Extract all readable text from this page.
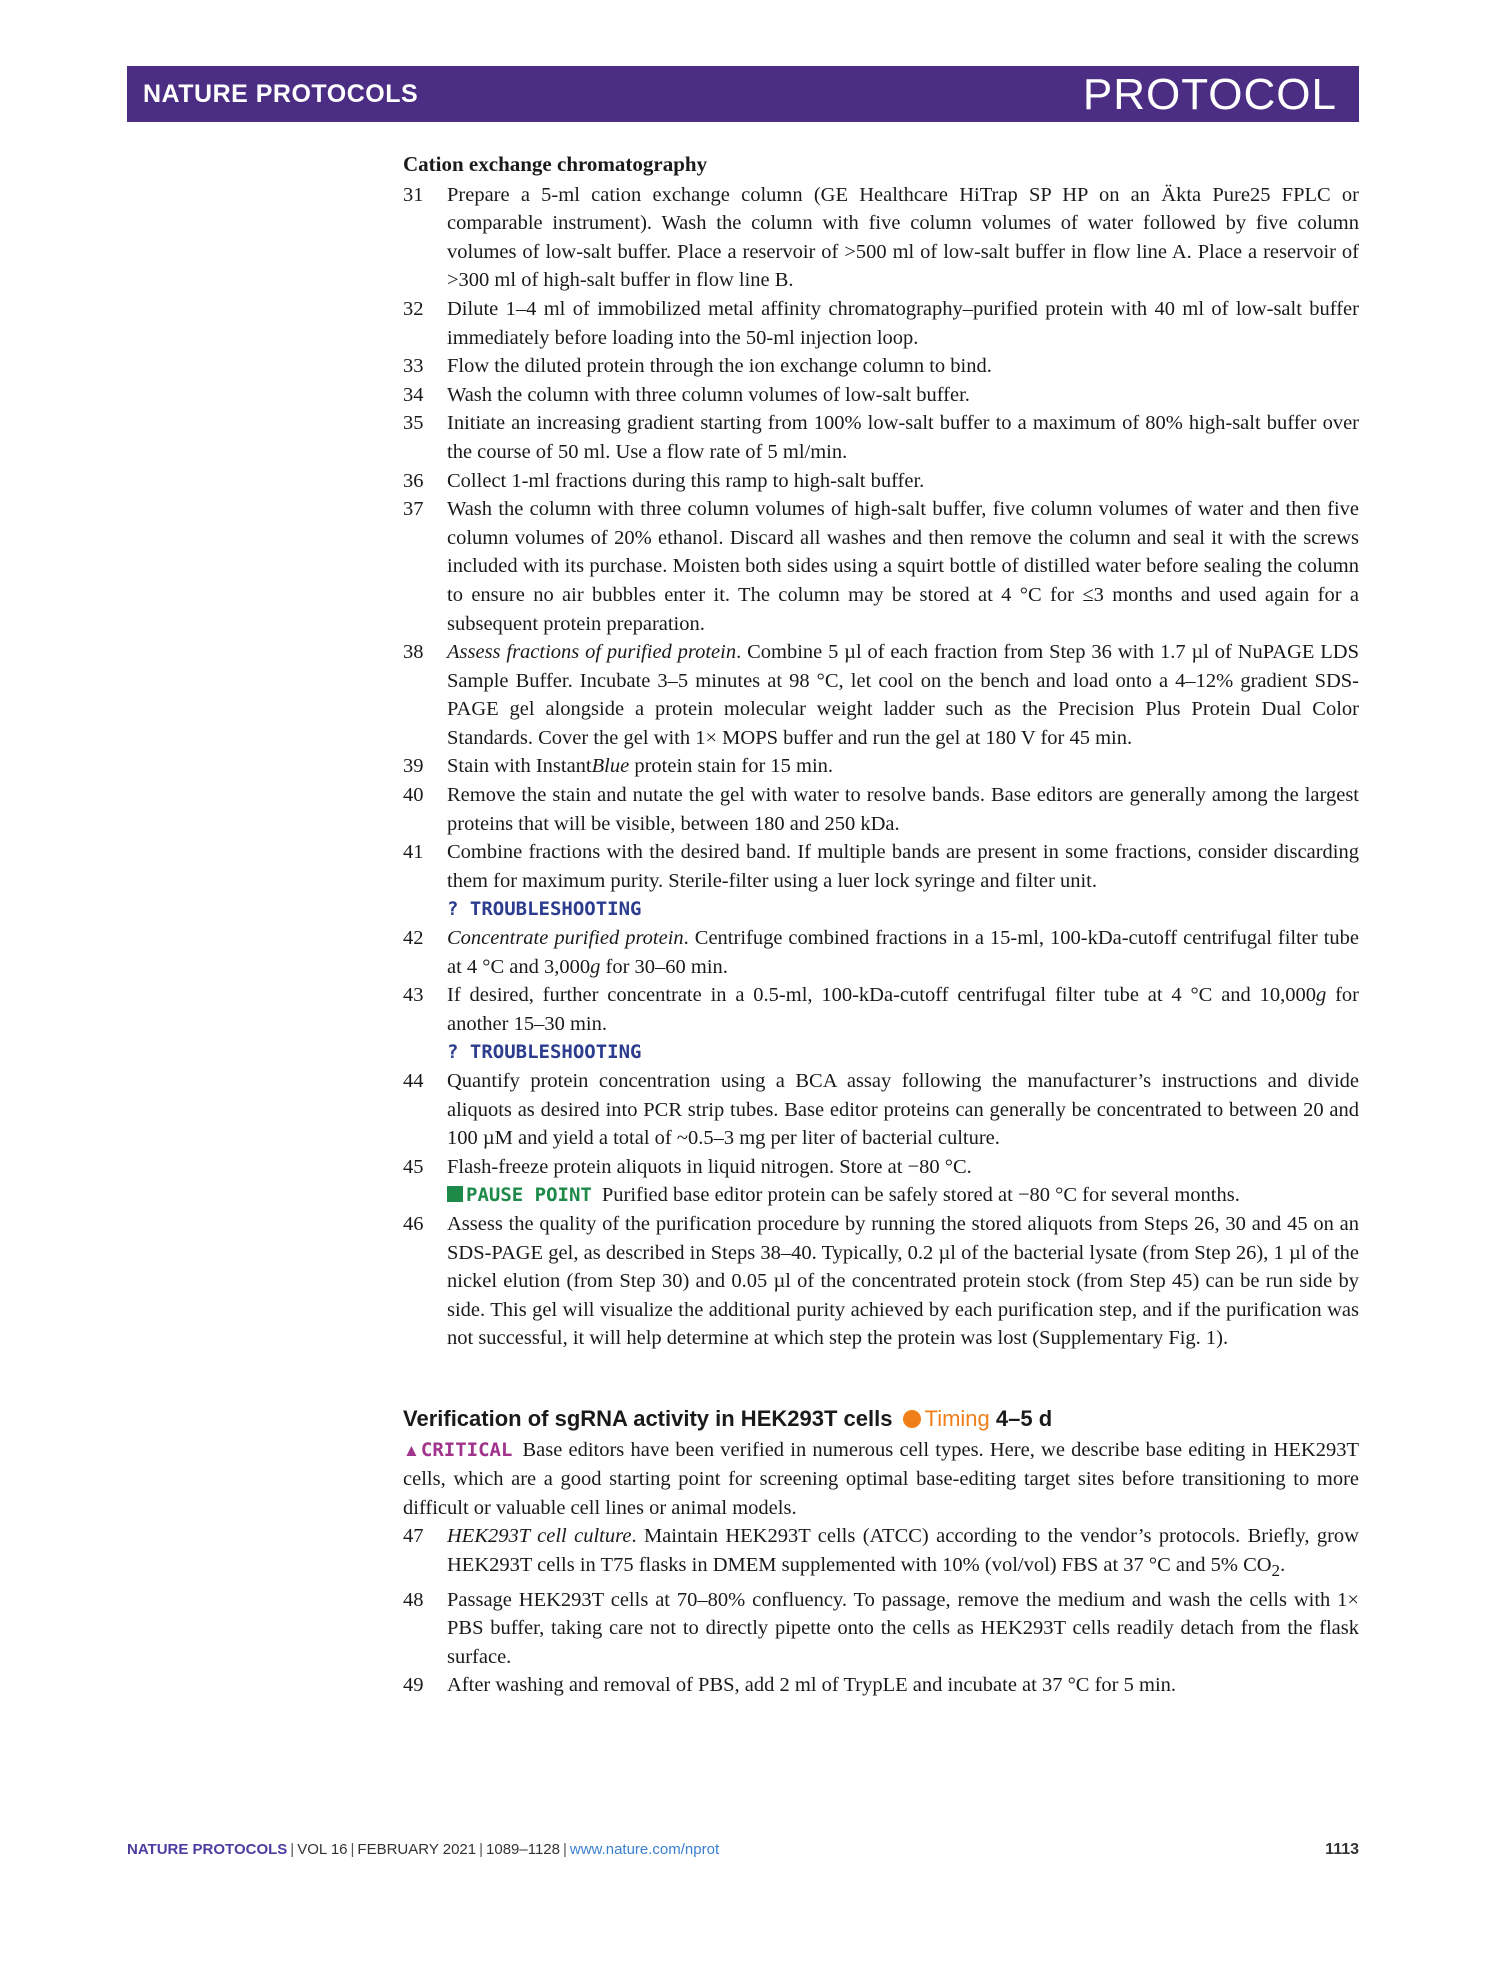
NATURE PROTOCOLS	PROTOCOL
Cation exchange chromatography
31 Prepare a 5-ml cation exchange column (GE Healthcare HiTrap SP HP on an Äkta Pure25 FPLC or comparable instrument). Wash the column with five column volumes of water followed by five column volumes of low-salt buffer. Place a reservoir of >500 ml of low-salt buffer in flow line A. Place a reservoir of >300 ml of high-salt buffer in flow line B.
32 Dilute 1–4 ml of immobilized metal affinity chromatography–purified protein with 40 ml of low-salt buffer immediately before loading into the 50-ml injection loop.
33 Flow the diluted protein through the ion exchange column to bind.
34 Wash the column with three column volumes of low-salt buffer.
35 Initiate an increasing gradient starting from 100% low-salt buffer to a maximum of 80% high-salt buffer over the course of 50 ml. Use a flow rate of 5 ml/min.
36 Collect 1-ml fractions during this ramp to high-salt buffer.
37 Wash the column with three column volumes of high-salt buffer, five column volumes of water and then five column volumes of 20% ethanol. Discard all washes and then remove the column and seal it with the screws included with its purchase. Moisten both sides using a squirt bottle of distilled water before sealing the column to ensure no air bubbles enter it. The column may be stored at 4 °C for ≤3 months and used again for a subsequent protein preparation.
38 Assess fractions of purified protein. Combine 5 µl of each fraction from Step 36 with 1.7 µl of NuPAGE LDS Sample Buffer. Incubate 3–5 minutes at 98 °C, let cool on the bench and load onto a 4–12% gradient SDS-PAGE gel alongside a protein molecular weight ladder such as the Precision Plus Protein Dual Color Standards. Cover the gel with 1× MOPS buffer and run the gel at 180 V for 45 min.
39 Stain with InstantBlue protein stain for 15 min.
40 Remove the stain and nutate the gel with water to resolve bands. Base editors are generally among the largest proteins that will be visible, between 180 and 250 kDa.
41 Combine fractions with the desired band. If multiple bands are present in some fractions, consider discarding them for maximum purity. Sterile-filter using a luer lock syringe and filter unit.
? TROUBLESHOOTING
42 Concentrate purified protein. Centrifuge combined fractions in a 15-ml, 100-kDa-cutoff centrifugal filter tube at 4 °C and 3,000g for 30–60 min.
43 If desired, further concentrate in a 0.5-ml, 100-kDa-cutoff centrifugal filter tube at 4 °C and 10,000g for another 15–30 min.
? TROUBLESHOOTING
44 Quantify protein concentration using a BCA assay following the manufacturer’s instructions and divide aliquots as desired into PCR strip tubes. Base editor proteins can generally be concentrated to between 20 and 100 µM and yield a total of ~0.5–3 mg per liter of bacterial culture.
45 Flash-freeze protein aliquots in liquid nitrogen. Store at −80 °C.
PAUSE POINT Purified base editor protein can be safely stored at −80 °C for several months.
46 Assess the quality of the purification procedure by running the stored aliquots from Steps 26, 30 and 45 on an SDS-PAGE gel, as described in Steps 38–40. Typically, 0.2 µl of the bacterial lysate (from Step 26), 1 µl of the nickel elution (from Step 30) and 0.05 µl of the concentrated protein stock (from Step 45) can be run side by side. This gel will visualize the additional purity achieved by each purification step, and if the purification was not successful, it will help determine at which step the protein was lost (Supplementary Fig. 1).
Verification of sgRNA activity in HEK293T cells Timing 4–5 d
▲CRITICAL Base editors have been verified in numerous cell types. Here, we describe base editing in HEK293T cells, which are a good starting point for screening optimal base-editing target sites before transitioning to more difficult or valuable cell lines or animal models.
47 HEK293T cell culture. Maintain HEK293T cells (ATCC) according to the vendor’s protocols. Briefly, grow HEK293T cells in T75 flasks in DMEM supplemented with 10% (vol/vol) FBS at 37 °C and 5% $CO_2$.
48 Passage HEK293T cells at 70–80% confluency. To passage, remove the medium and wash the cells with 1× PBS buffer, taking care not to directly pipette onto the cells as HEK293T cells readily detach from the flask surface.
49 After washing and removal of PBS, add 2 ml of TrypLE and incubate at 37 °C for 5 min.
NATURE PROTOCOLS | VOL 16 | FEBRUARY 2021 | 1089–1128 | www.nature.com/nprot	1113
